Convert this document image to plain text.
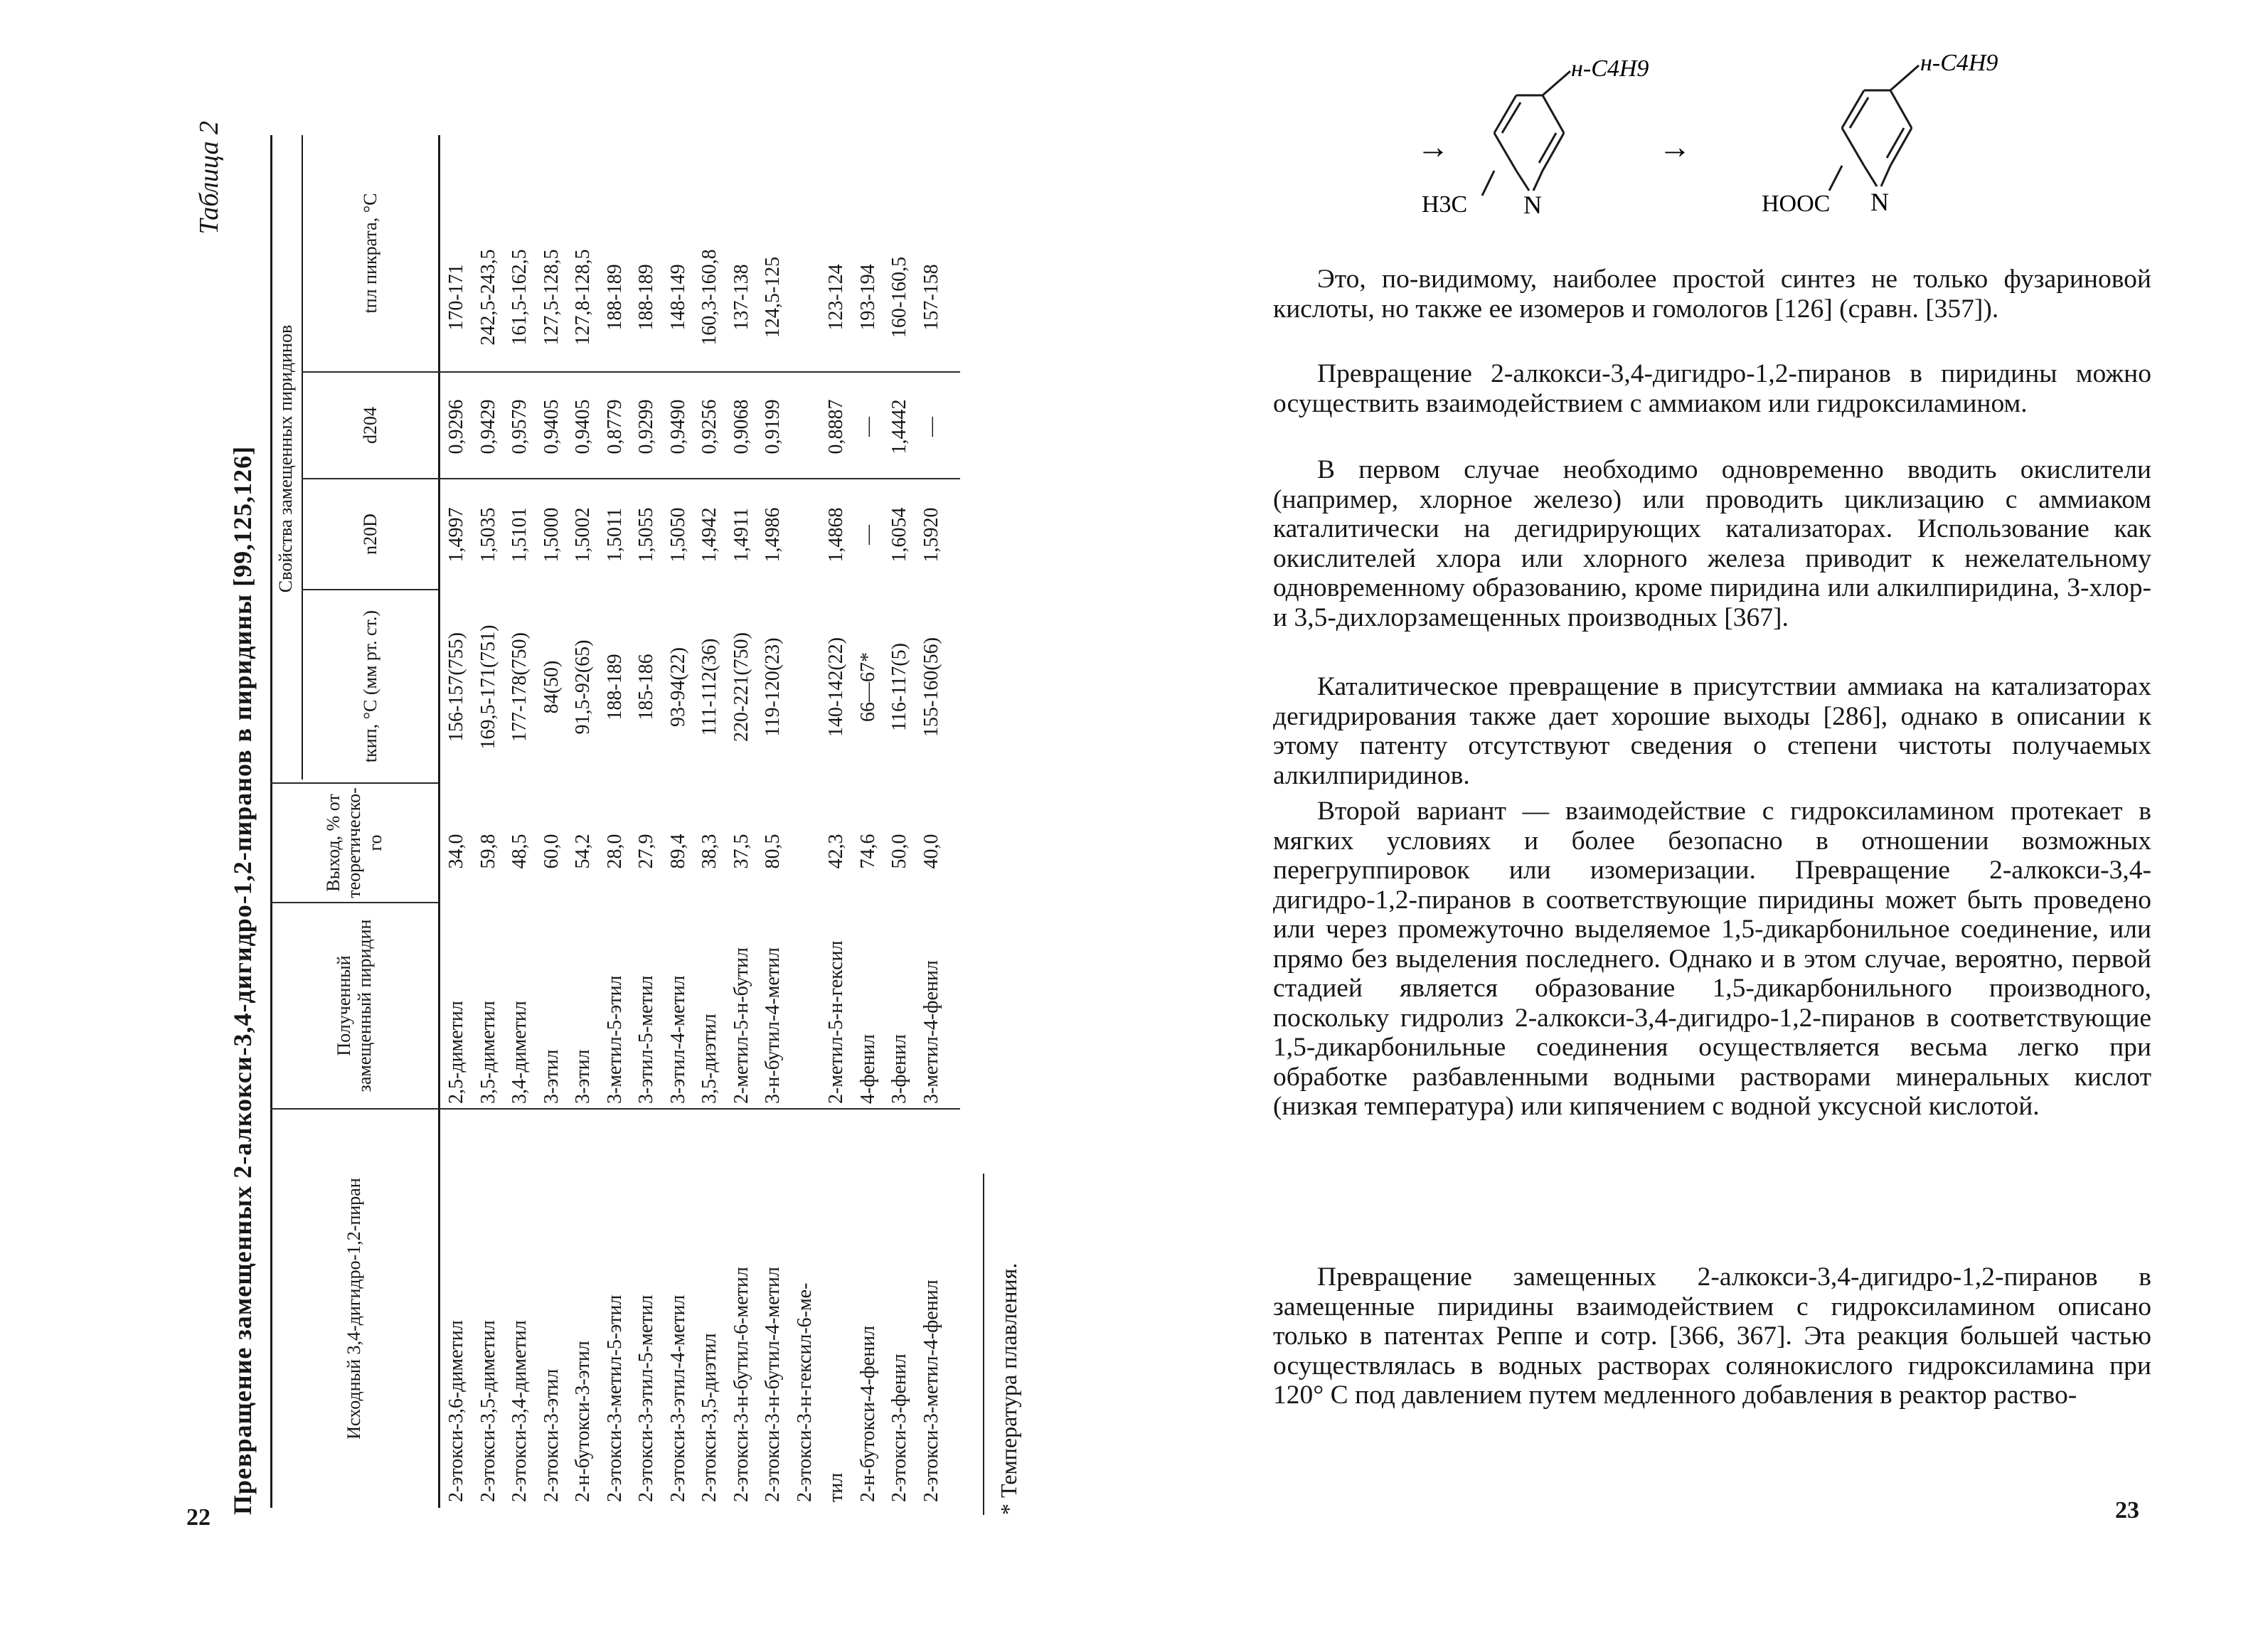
Таблица 2
Превращение замещенных 2-алкокси-3,4-дигидро-1,2-пиранов в пиридины [99,125,126]	Исходный 3,4-дигидро-1,2-пиран
Полученный замещенный пиридин
Выход, % от теоретического
Свойства замещенных пиридинов
tкип, °С (мм рт. ст.)
n20D
d204
tпл пикрата, °С
2-этокси-3,6-диметил
2,5-диметил
34,0
156-157(755)
1,4997
0,9296
170-171
2-этокси-3,5-диметил
3,5-диметил
59,8
169,5-171(751)
1,5035
0,9429
242,5-243,5
2-этокси-3,4-диметил
3,4-диметил
48,5
177-178(750)
1,5101
0,9579
161,5-162,5
2-этокси-3-этил
3-этил
60,0
84(50)
1,5000
0,9405
127,5-128,5
2-н-бутокси-3-этил
3-этил
54,2
91,5-92(65)
1,5002
0,9405
127,8-128,5
2-этокси-3-метил-5-этил
3-метил-5-этил
28,0
188-189
1,5011
0,8779
188-189
2-этокси-3-этил-5-метил
3-этил-5-метил
27,9
185-186
1,5055
0,9299
188-189
2-этокси-3-этил-4-метил
3-этил-4-метил
89,4
93-94(22)
1,5050
0,9490
148-149
2-этокси-3,5-диэтил
3,5-диэтил
38,3
111-112(36)
1,4942
0,9256
160,3-160,8
2-этокси-3-н-бутил-6-метил
2-метил-5-н-бутил
37,5
220-221(750)
1,4911
0,9068
137-138
2-этокси-3-н-бутил-4-метил
3-н-бутил-4-метил
80,5
119-120(23)
1,4986
0,9199
124,5-125
2-этокси-3-н-гексил-6-ме- тил
2-метил-5-н-гексил
42,3
140-142(22)
1,4868
0,8887
123-124
2-н-бутокси-4-фенил
4-фенил
74,6
66—67*
—
—
193-194
2-этокси-3-фенил
3-фенил
50,0
116-117(5)
1,6054
1,4442
160-160,5
2-этокси-3-метил-4-фенил
3-метил-4-фенил
40,0
155-160(56)
1,5920
—
157-158
* Температура плавления.
22
→
N
H3C
н-C4H9
→
N
HOOC
н-C4H9

Это, по-видимому, наиболее простой синтез не только фузариновой кислоты, но также ее изомеров и гомологов [126] (сравн. [357]).

Превращение 2-алкокси-3,4-дигидро-1,2-пиранов в пиридины можно осуществить взаимодействием с аммиаком или гидроксиламином.

В первом случае необходимо одновременно вводить окислители (например, хлорное железо) или проводить циклизацию с аммиаком каталитически на дегидрирующих катализаторах. Использование как окислителей хлора или хлорного железа приводит к нежелательному одновременному образованию, кроме пиридина или алкилпиридина, 3-хлор- и 3,5-дихлорзамещенных производных [367].

Каталитическое превращение в присутствии аммиака на катализаторах дегидрирования также дает хорошие выходы [286], однако в описании к этому патенту отсутствуют сведения о степени чистоты получаемых алкилпиридинов.

Второй вариант — взаимодействие с гидроксиламином протекает в мягких условиях и более безопасно в отношении возможных перегруппировок или изомеризации. Превращение 2-алкокси-3,4-дигидро-1,2-пиранов в соответствующие пиридины может быть проведено или через промежуточно выделяемое 1,5-дикарбонильное соединение, или прямо без выделения последнего. Однако и в этом случае, вероятно, первой стадией является образование 1,5-дикарбонильного производного, поскольку гидролиз 2-алкокси-3,4-дигидро-1,2-пиранов в соответствующие 1,5-дикарбонильные соединения осуществляется весьма легко при обработке разбавленными водными растворами минеральных кислот (низкая температура) или кипячением с водной уксусной кислотой.

Превращение замещенных 2-алкокси-3,4-дигидро-1,2-пиранов в замещенные пиридины взаимодействием с гидроксиламином описано только в патентах Реппе и сотр. [366, 367]. Эта реакция большей частью осуществлялась в водных растворах солянокислого гидроксиламина при 120° С под давлением путем медленного добавления в реактор раство-

23
